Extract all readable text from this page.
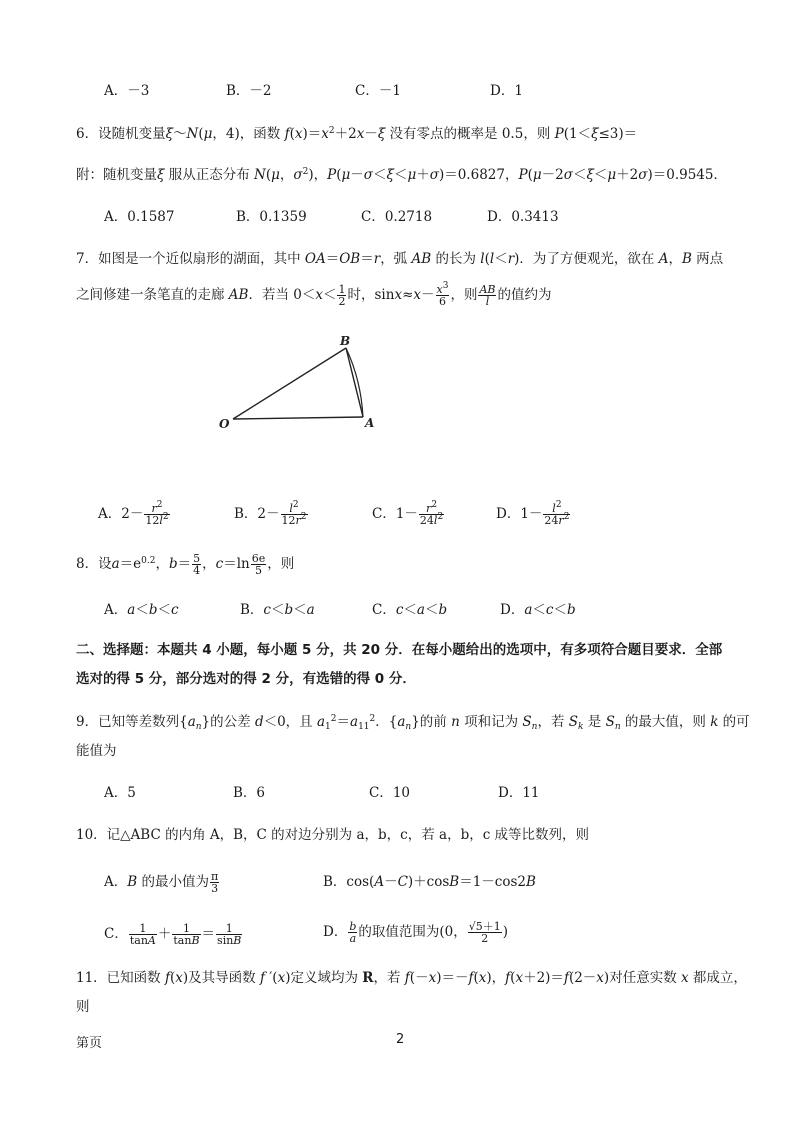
A．－3	B．－2	C．－1	D．1
6．设随机变量ξ～N(μ，4)，函数 $f(x)=x^2+2x-\xi$ 没有零点的概率是 0.5，则 P(1＜ξ≤3)＝
附：随机变量ξ 服从正态分布 N(μ，$\sigma^2$)，P(μ－σ＜ξ＜μ＋σ)＝0.6827，P(μ－2σ＜ξ＜μ＋2σ)＝0.9545．
A．0.1587	B．0.1359	C．0.2718	D．0.3413
7．如图是一个近似扇形的湖面，其中 OA＝OB＝r，弧 AB 的长为 l(l＜r)．为了方便观光，欲在 A，B 两点
之间修建一条笔直的走廊 AB．若当 $0<x< \frac{1}{2}$ 时，$\sin x\approx x- \frac{x^3}{6}$ ，则 $\frac{AB}{l}$ 的值约为
O	A
B
A．$2- \frac{r^2}{12l^2}$	B．$2- \frac{l^2}{12r^2}$	C．$1- \frac{r^2}{24l^2}$	D．$1- \frac{l^2}{24r^2}$
8．设$a=e^{0.2}$，$b= \frac{5}{4}$ ，$c=\ln \frac{6e}{5}$ ，则
A．a＜b＜c	B．c＜b＜a	C．c＜a＜b	D．a＜c＜b
二、选择题：本题共 4 小题，每小题 5 分，共 20 分．在每小题给出的选项中，有多项符合题目要求．全部
选对的得 5 分，部分选对的得 2 分，有选错的得 0 分．
9．已知等差数列$\{a_n\}$的公差 d＜0，且 $a_1^2=a_{11}^2$．$\{a_n\}$的前 n 项和记为 $S_n$，若 $S_k$ 是 $S_n$ 的最大值，则 k 的可
能值为
A．5	B．6	C．10	D．11
10．记△ABC 的内角 A，B，C 的对边分别为 a，b，c，若 a，b，c 成等比数列，则
A．B 的最小值为 $\frac{\pi}{3}$	B．cos(A－C)＋cosB＝1－cos2B
C． $\frac{1}{\tan A} + \frac{1}{\tan B} = \frac{1}{\sin B}$	D． $\frac{b}{a}$ 的取值范围为(0， $\frac{√5+1}{2}$ )
11．已知函数 f(x)及其导函数 f ′(x)定义域均为 R，若 f(－x)＝－f(x)，f(x＋2)＝f(2－x)对任意实数 x 都成立，
则
第页	2
